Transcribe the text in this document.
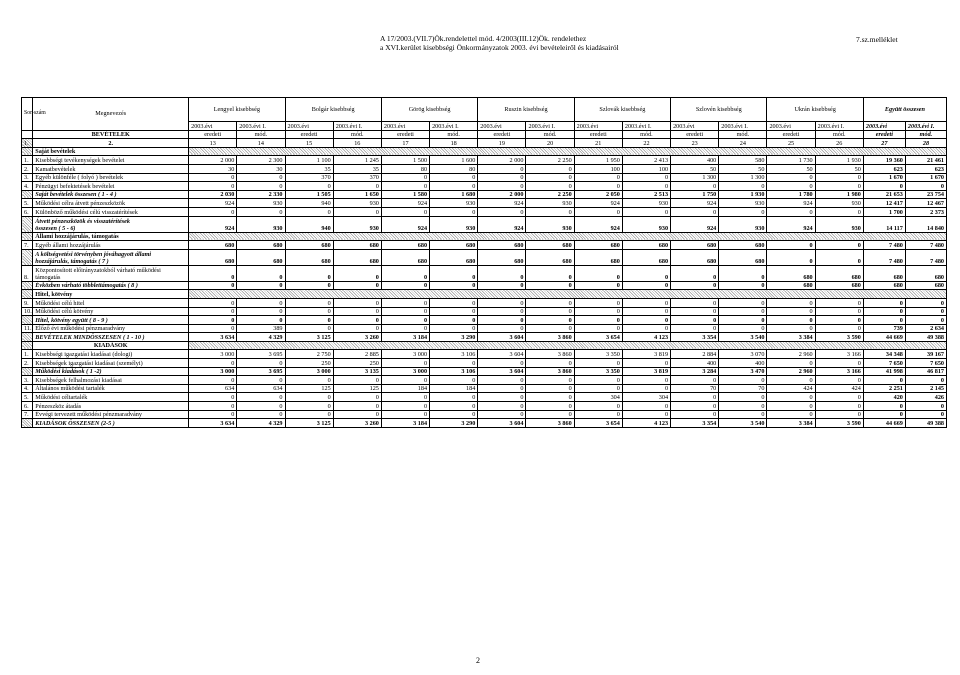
A 17/2003.(VII.7)Ök.rendelettel mód. 4/2003(III.12)Ök. rendelethez
a XVI.kerület kisebbségi Önkormányzatok 2003. évi bevételeiről és kiadásairól
7.sz.melléklet
Sor-szám	Megnevezés	Lengyel kisebbség		Bolgár kisebbség		Görög kisebbség		Ruszin kisebbség		Szlovák kisebbség		Szlovén kisebbség		Ukrán kisebbség		Együtt összesen	
		2003.évi	2003.évi I.	2003.évi	2003.évi I.	2003.évi	2003.évi I.	2003.évi	2003.évi I.	2003.évi	2003.évi I.	2003.évi	2003.évi I.	2003.évi	2003.évi I.	2003.évi	2003.évi I.
	BEVÉTELEK	eredeti	mód.	eredeti	mód.	eredeti	mód.	eredeti	mód.	eredeti	mód.	eredeti	mód.	eredeti	mód.	eredeti	mód.
1.	2.	13	14	15	16	17	18	19	20	21	22	23	24	25	26	27	28
	Saját bevételek																
1.	Kisebbségi tevékenységek bevételei	2 000	2 300	1 100	1 245	1 500	1 600	2 000	2 250	1 950	2 413	400	580	1 730	1 930	19 360	21 461
2.	Kamatbevételek	30	30	35	35	80	80	0	0	100	100	50	50	50	50	623	623
3.	Egyéb különféle ( folyó ) bevételek	0	0	370	370	0	0	0	0	0	0	1 300	1 300	0	0	1 670	1 670
4.	Pénzügyi befektetések bevételei	0	0	0	0	0	0	0	0	0	0	0	0	0	0	0	0
	Saját bevételek összesen ( 1 - 4 )	2 030	2 330	1 505	1 650	1 580	1 680	2 000	2 250	2 050	2 513	1 750	1 930	1 780	1 980	21 653	23 754
5.	Működési célra átvett pénzeszközök	924	930	940	930	924	930	924	930	924	930	924	930	924	930	12 417	12 467
6.	Különböző működési célú visszatérítések	0	0	0	0	0	0	0	0	0	0	0	0	0	0	1 700	2 373

	Átvett pénzeszközök és visszatérítések
összesen ( 5 - 6)	924	930	940	930	924	930	924	930	924	930	924	930	924	930	14 117	14 840
	Állami hozzájárulás, támogatás																
7.	Egyéb állami hozzájárulás	680	680	680	680	680	680	680	680	680	680	680	680	0	0	7 480	7 480

	A költségvetési törvényben jóváhagyott állami
hozzájárulás, támogatás ( 7 )	680	680	680	680	680	680	680	680	680	680	680	680	0	0	7 480	7 480
8.	Központosított előirányzatokból várható működési
támogatás	0	0	0	0	0	0	0	0	0	0	0	0	680	680	680	680
	Évközben várható többlettámogatás ( 8 )	0	0	0	0	0	0	0	0	0	0	0	0	680	680	680	680
	Hitel, kötvény																
9.	Működési célú hitel	0	0	0	0	0	0	0	0	0	0	0	0	0	0	0	0
10.	Működési célú kötvény	0	0	0	0	0	0	0	0	0	0	0	0	0	0	0	0
	Hitel, kötvény együtt ( 8 - 9 )	0	0	0	0	0	0	0	0	0	0	0	0	0	0	0	0
11.	Előző évi működési pénzmaradvány	0	389	0	0	0	0	0	0	0	0	0	0	0	0	739	2 634
	BEVÉTELEK MINDÖSSZESEN ( 1 - 10 )	3 634	4 329	3 125	3 260	3 184	3 290	3 604	3 860	3 654	4 123	3 354	3 540	3 384	3 590	44 669	49 388
	KIADÁSOK																
1.	Kisebbségi igazgatási kiadásai (dologi)	3 000	3 695	2 750	2 885	3 000	3 106	3 604	3 860	3 350	3 819	2 884	3 070	2 960	3 166	34 348	39 167
2.	Kisebbségek igazgatási kiadásai (személyi)	0	0	250	250	0	0	0	0	0	0	400	400	0	0	7 650	7 650
	Működési kiadások ( 1 -2)	3 000	3 695	3 000	3 135	3 000	3 106	3 604	3 860	3 350	3 819	3 284	3 470	2 960	3 166	41 998	46 817
3.	Kisebbségek felhalmozási kiadásai	0	0	0	0	0	0	0	0	0	0	0	0	0	0	0	0
4.	Általános működési tartalék	634	634	125	125	184	184	0	0	0	0	70	70	424	424	2 251	2 145
5.	Működési céltartalék	0	0	0	0	0	0	0	0	304	304	0	0	0	0	420	426
6.	Pénzeszköz átadás	0	0	0	0	0	0	0	0	0	0	0	0	0	0	0	0
7.	Évvégi tervezett működési pénzmaradvány	0	0	0	0	0	0	0	0	0	0	0	0	0	0	0	0
	KIADÁSOK ÖSSZESEN (2-5 )	3 634	4 329	3 125	3 260	3 184	3 290	3 604	3 860	3 654	4 123	3 354	3 540	3 384	3 590	44 669	49 388
2
